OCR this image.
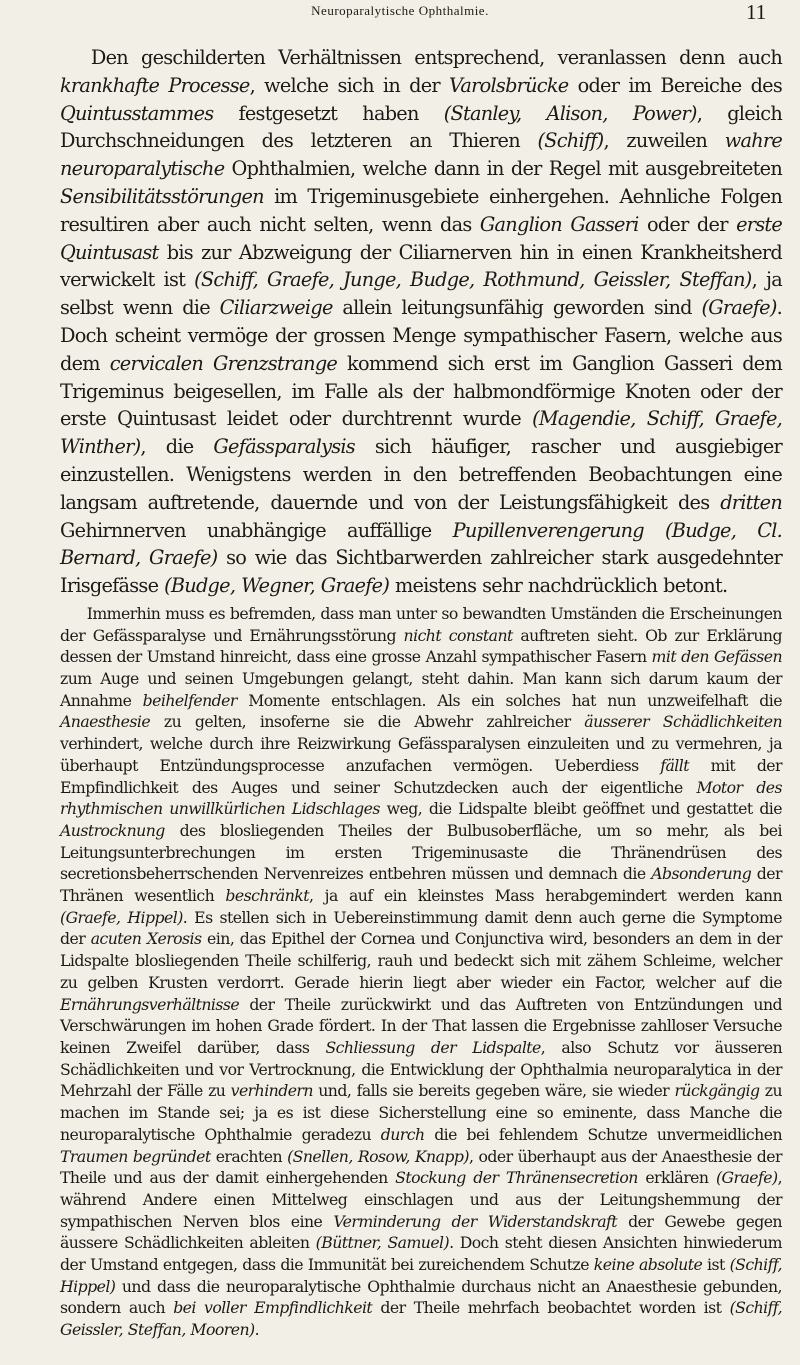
Neuroparalytische Ophthalmie.	11

Den geschilderten Verhältnissen entsprechend, veranlassen denn auch krankhafte Processe, welche sich in der Varolsbrücke oder im Bereiche des Quintusstammes festgesetzt haben (Stanley, Alison, Power), gleich Durchschneidungen des letzteren an Thieren (Schiff), zuweilen wahre neuroparalytische Ophthalmien, welche dann in der Regel mit ausgebreiteten Sensibilitätsstörungen im Trigeminusgebiete einhergehen. Aehnliche Folgen resultiren aber auch nicht selten, wenn das Ganglion Gasseri oder der erste Quintusast bis zur Abzweigung der Ciliarnerven hin in einen Krankheitsherd verwickelt ist (Schiff, Graefe, Junge, Budge, Rothmund, Geissler, Steffan), ja selbst wenn die Ciliarzweige allein leitungsunfähig geworden sind (Graefe). Doch scheint vermöge der grossen Menge sympathischer Fasern, welche aus dem cervicalen Grenzstrange kommend sich erst im Ganglion Gasseri dem Trigeminus beigesellen, im Falle als der halbmondförmige Knoten oder der erste Quintusast leidet oder durchtrennt wurde (Magendie, Schiff, Graefe, Winther), die Gefässparalysis sich häufiger, rascher und ausgiebiger einzustellen. Wenigstens werden in den betreffenden Beobachtungen eine langsam auftretende, dauernde und von der Leistungsfähigkeit des dritten Gehirnnerven unabhängige auffällige Pupillenverengerung (Budge, Cl. Bernard, Graefe) so wie das Sichtbarwerden zahlreicher stark ausgedehnter Irisgefässe (Budge, Wegner, Graefe) meistens sehr nachdrücklich betont.

Immerhin muss es befremden, dass man unter so bewandten Umständen die Erscheinungen der Gefässparalyse und Ernährungsstörung nicht constant auftreten sieht. Ob zur Erklärung dessen der Umstand hinreicht, dass eine grosse Anzahl sympathischer Fasern mit den Gefässen zum Auge und seinen Umgebungen gelangt, steht dahin. Man kann sich darum kaum der Annahme beihelfender Momente entschlagen. Als ein solches hat nun unzweifelhaft die Anaesthesie zu gelten, insoferne sie die Abwehr zahlreicher äusserer Schädlichkeiten verhindert, welche durch ihre Reizwirkung Gefässparalysen einzuleiten und zu vermehren, ja überhaupt Entzündungsprocesse anzufachen vermögen. Ueberdiess fällt mit der Empfindlichkeit des Auges und seiner Schutzdecken auch der eigentliche Motor des rhythmischen unwillkürlichen Lidschlages weg, die Lidspalte bleibt geöffnet und gestattet die Austrocknung des blosliegenden Theiles der Bulbusoberfläche, um so mehr, als bei Leitungsunterbrechungen im ersten Trigeminusaste die Thränendrüsen des secretionsbeherrschenden Nervenreizes entbehren müssen und demnach die Absonderung der Thränen wesentlich beschränkt, ja auf ein kleinstes Mass herabgemindert werden kann (Graefe, Hippel). Es stellen sich in Uebereinstimmung damit denn auch gerne die Symptome der acuten Xerosis ein, das Epithel der Cornea und Conjunctiva wird, besonders an dem in der Lidspalte blosliegenden Theile schilferig, rauh und bedeckt sich mit zähem Schleime, welcher zu gelben Krusten verdorrt. Gerade hierin liegt aber wieder ein Factor, welcher auf die Ernährungsverhältnisse der Theile zurückwirkt und das Auftreten von Entzündungen und Verschwärungen im hohen Grade fördert. In der That lassen die Ergebnisse zahlloser Versuche keinen Zweifel darüber, dass Schliessung der Lidspalte, also Schutz vor äusseren Schädlichkeiten und vor Vertrocknung, die Entwicklung der Ophthalmia neuroparalytica in der Mehrzahl der Fälle zu verhindern und, falls sie bereits gegeben wäre, sie wieder rückgängig zu machen im Stande sei; ja es ist diese Sicherstellung eine so eminente, dass Manche die neuroparalytische Ophthalmie geradezu durch die bei fehlendem Schutze unvermeidlichen Traumen begründet erachten (Snellen, Rosow, Knapp), oder überhaupt aus der Anaesthesie der Theile und aus der damit einhergehenden Stockung der Thränensecretion erklären (Graefe), während Andere einen Mittelweg einschlagen und aus der Leitungshemmung der sympathischen Nerven blos eine Verminderung der Widerstandskraft der Gewebe gegen äussere Schädlichkeiten ableiten (Büttner, Samuel). Doch steht diesen Ansichten hinwiederum der Umstand entgegen, dass die Immunität bei zureichendem Schutze keine absolute ist (Schiff, Hippel) und dass die neuroparalytische Ophthalmie durchaus nicht an Anaesthesie gebunden, sondern auch bei voller Empfindlichkeit der Theile mehrfach beobachtet worden ist (Schiff, Geissler, Steffan, Mooren).
